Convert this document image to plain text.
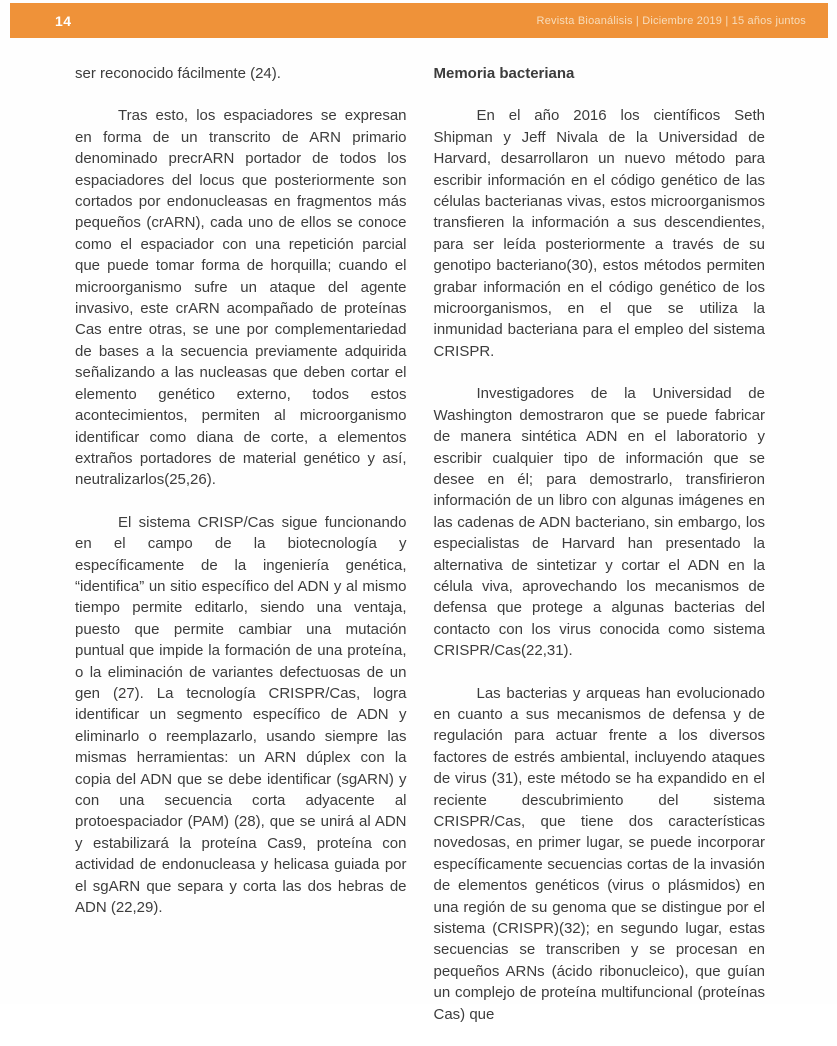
14	Revista Bioanálisis | Diciembre 2019 | 15 años juntos

ser reconocido fácilmente (24).

Tras esto, los espaciadores se expresan en forma de un transcrito de ARN primario denominado precrARN portador de todos los espaciadores del locus que posteriormente son cortados por endonucleasas en fragmentos más pequeños (crARN), cada uno de ellos se conoce como el espaciador con una repetición parcial que puede tomar forma de horquilla; cuando el microorganismo sufre un ataque del agente invasivo, este crARN acompañado de proteínas Cas entre otras, se une por complementariedad de bases a la secuencia previamente adquirida señalizando a las nucleasas que deben cortar el elemento genético externo, todos estos acontecimientos, permiten al microorganismo identificar como diana de corte, a elementos extraños portadores de material genético y así, neutralizarlos(25,26).

El sistema CRISP/Cas sigue funcionando en el campo de la biotecnología y específicamente de la ingeniería genética, “identifica” un sitio específico del ADN y al mismo tiempo permite editarlo, siendo una ventaja, puesto que permite cambiar una mutación puntual que impide la formación de una proteína, o la eliminación de variantes defectuosas de un gen (27). La tecnología CRISPR/Cas, logra identificar un segmento específico de ADN y eliminarlo o reemplazarlo, usando siempre las mismas herramientas: un ARN dúplex con la copia del ADN que se debe identificar (sgARN) y con una secuencia corta adyacente al protoespaciador (PAM) (28), que se unirá al ADN y estabilizará la proteína Cas9, proteína con actividad de endonucleasa y helicasa guiada por el sgARN que separa y corta las dos hebras de ADN (22,29).

Memoria bacteriana

En el año 2016 los científicos Seth Shipman y Jeff Nivala de la Universidad de Harvard, desarrollaron un nuevo método para escribir información en el código genético de las células bacterianas vivas, estos microorganismos transfieren la información a sus descendientes, para ser leída posteriormente a través de su genotipo bacteriano(30), estos métodos permiten grabar información en el código genético de los microorganismos, en el que se utiliza la inmunidad bacteriana para el empleo del sistema CRISPR.

Investigadores de la Universidad de Washington demostraron que se puede fabricar de manera sintética ADN en el laboratorio y escribir cualquier tipo de información que se desee en él; para demostrarlo, transfirieron información de un libro con algunas imágenes en las cadenas de ADN bacteriano, sin embargo, los especialistas de Harvard han presentado la alternativa de sintetizar y cortar el ADN en la célula viva, aprovechando los mecanismos de defensa que protege a algunas bacterias del contacto con los virus conocida como sistema CRISPR/Cas(22,31).

Las bacterias y arqueas han evolucionado en cuanto a sus mecanismos de defensa y de regulación para actuar frente a los diversos factores de estrés ambiental, incluyendo ataques de virus (31), este método se ha expandido en el reciente descubrimiento del sistema CRISPR/Cas, que tiene dos características novedosas, en primer lugar, se puede incorporar específicamente secuencias cortas de la invasión de elementos genéticos (virus o plásmidos) en una región de su genoma que se distingue por el sistema (CRISPR)(32); en segundo lugar, estas secuencias se transcriben y se procesan en pequeños ARNs (ácido ribonucleico), que guían un complejo de proteína multifuncional (proteínas Cas) que
